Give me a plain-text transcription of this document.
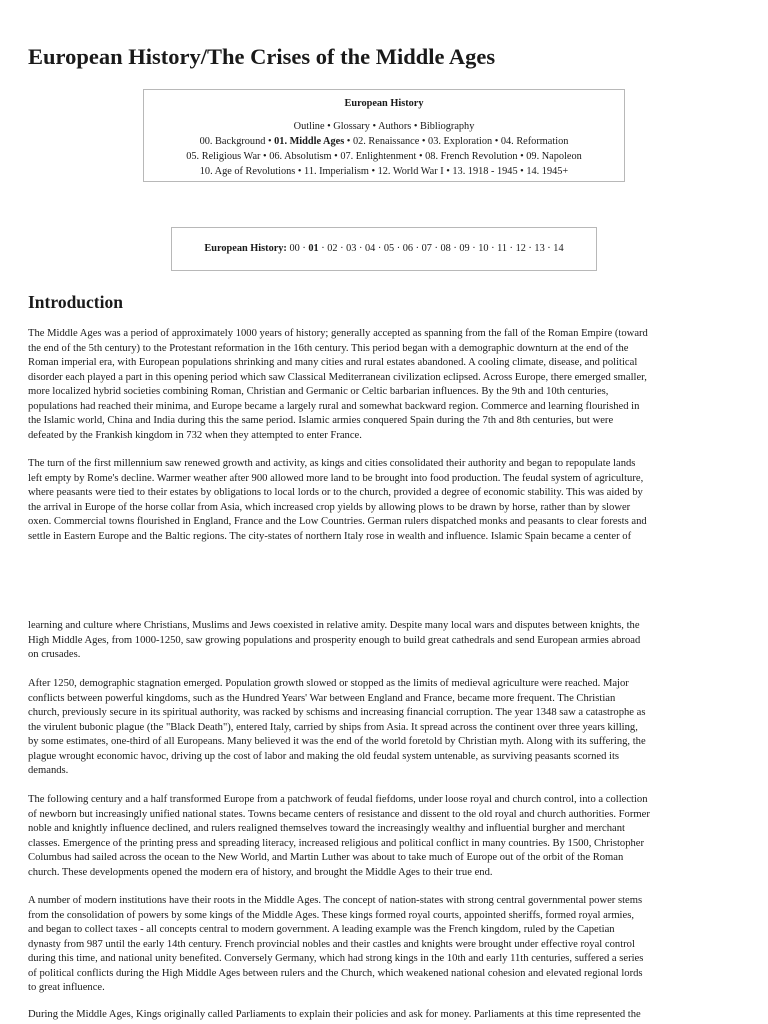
European History/The Crises of the Middle Ages
European History
Outline • Glossary • Authors • Bibliography
00. Background • 01. Middle Ages • 02. Renaissance • 03. Exploration • 04. Reformation
05. Religious War • 06. Absolutism • 07. Enlightenment • 08. French Revolution • 09. Napoleon
10. Age of Revolutions • 11. Imperialism • 12. World War I • 13. 1918 - 1945 • 14. 1945+
European History: 00 · 01 · 02 · 03 · 04 · 05 · 06 · 07 · 08 · 09 · 10 · 11 · 12 · 13 · 14
Introduction
The Middle Ages was a period of approximately 1000 years of history; generally accepted as spanning from the fall of the Roman Empire (toward
the end of the 5th century) to the Protestant reformation in the 16th century. This period began with a demographic downturn at the end of the
Roman imperial era, with European populations shrinking and many cities and rural estates abandoned. A cooling climate, disease, and political
disorder each played a part in this opening period which saw Classical Mediterranean civilization eclipsed. Across Europe, there emerged smaller,
more localized hybrid societies combining Roman, Christian and Germanic or Celtic barbarian influences. By the 9th and 10th centuries,
populations had reached their minima, and Europe became a largely rural and somewhat backward region. Commerce and learning flourished in
the Islamic world, China and India during this the same period. Islamic armies conquered Spain during the 7th and 8th centuries, but were
defeated by the Frankish kingdom in 732 when they attempted to enter France.
The turn of the first millennium saw renewed growth and activity, as kings and cities consolidated their authority and began to repopulate lands
left empty by Rome's decline. Warmer weather after 900 allowed more land to be brought into food production. The feudal system of agriculture,
where peasants were tied to their estates by obligations to local lords or to the church, provided a degree of economic stability. This was aided by
the arrival in Europe of the horse collar from Asia, which increased crop yields by allowing plows to be drawn by horse, rather than by slower
oxen. Commercial towns flourished in England, France and the Low Countries. German rulers dispatched monks and peasants to clear forests and
settle in Eastern Europe and the Baltic regions. The city-states of northern Italy rose in wealth and influence. Islamic Spain became a center of
learning and culture where Christians, Muslims and Jews coexisted in relative amity. Despite many local wars and disputes between knights, the
High Middle Ages, from 1000-1250, saw growing populations and prosperity enough to build great cathedrals and send European armies abroad
on crusades.
After 1250, demographic stagnation emerged. Population growth slowed or stopped as the limits of medieval agriculture were reached. Major
conflicts between powerful kingdoms, such as the Hundred Years' War between England and France, became more frequent. The Christian
church, previously secure in its spiritual authority, was racked by schisms and increasing financial corruption. The year 1348 saw a catastrophe as
the virulent bubonic plague (the "Black Death"), entered Italy, carried by ships from Asia. It spread across the continent over three years killing,
by some estimates, one-third of all Europeans. Many believed it was the end of the world foretold by Christian myth. Along with its suffering, the
plague wrought economic havoc, driving up the cost of labor and making the old feudal system untenable, as surviving peasants scorned its
demands.
The following century and a half transformed Europe from a patchwork of feudal fiefdoms, under loose royal and church control, into a collection
of newborn but increasingly unified national states. Towns became centers of resistance and dissent to the old royal and church authorities. Former
noble and knightly influence declined, and rulers realigned themselves toward the increasingly wealthy and influential burgher and merchant
classes. Emergence of the printing press and spreading literacy, increased religious and political conflict in many countries. By 1500, Christopher
Columbus had sailed across the ocean to the New World, and Martin Luther was about to take much of Europe out of the orbit of the Roman
church. These developments opened the modern era of history, and brought the Middle Ages to their true end.
A number of modern institutions have their roots in the Middle Ages. The concept of nation-states with strong central governmental power stems
from the consolidation of powers by some kings of the Middle Ages. These kings formed royal courts, appointed sheriffs, formed royal armies,
and began to collect taxes - all concepts central to modern government. A leading example was the French kingdom, ruled by the Capetian
dynasty from 987 until the early 14th century. French provincial nobles and their castles and knights were brought under effective royal control
during this time, and national unity benefited. Conversely Germany, which had strong kings in the 10th and early 11th centuries, suffered a series
of political conflicts during the High Middle Ages between rulers and the Church, which weakened national cohesion and elevated regional lords
to great influence.
During the Middle Ages, Kings originally called Parliaments to explain their policies and ask for money. Parliaments at this time represented the
